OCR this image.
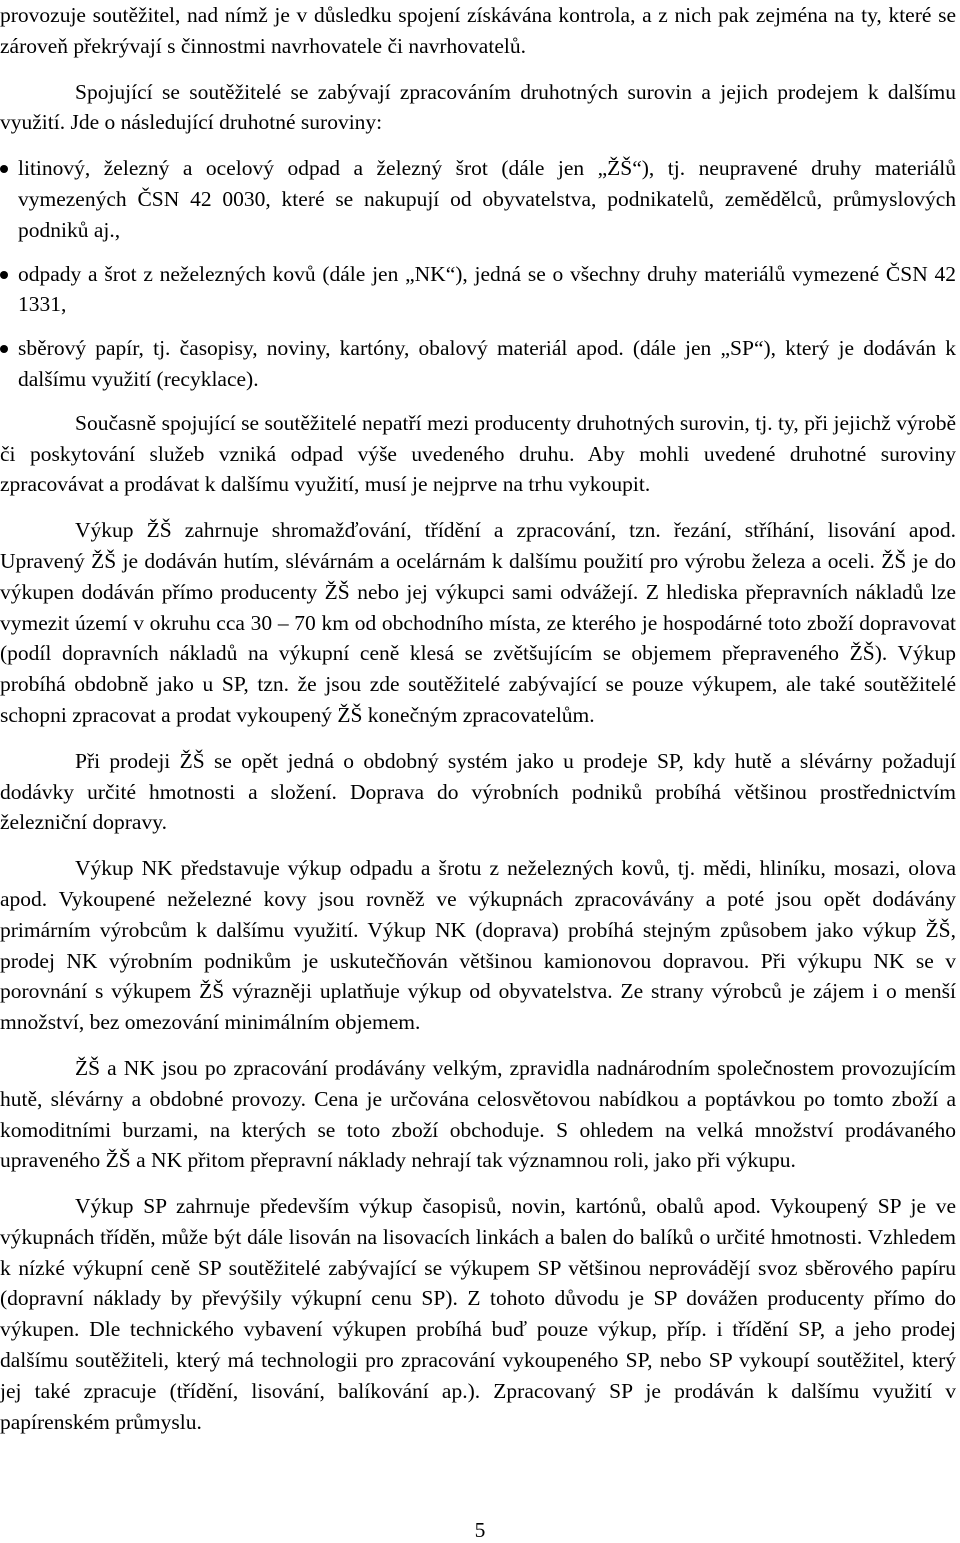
provozuje soutěžitel, nad nímž je v důsledku spojení získávána kontrola, a z nich pak zejména na ty, které se zároveň překrývají s činnostmi navrhovatele či navrhovatelů.

Spojující se soutěžitelé se zabývají zpracováním druhotných surovin a jejich prodejem k dalšímu využití. Jde o následující druhotné suroviny:

litinový, železný a ocelový odpad a železný šrot (dále jen „ŽŠ“), tj. neupravené druhy materiálů vymezených ČSN 42 0030, které se nakupují od obyvatelstva, podnikatelů, zemědělců, průmyslových podniků aj.,
odpady a šrot z neželezných kovů (dále jen „NK“), jedná se o všechny druhy materiálů vymezené ČSN 42 1331,
sběrový papír, tj. časopisy, noviny, kartóny, obalový materiál apod. (dále jen „SP“), který je dodáván k dalšímu využití (recyklace).

Současně spojující se soutěžitelé nepatří mezi producenty druhotných surovin, tj. ty, při jejichž výrobě či poskytování služeb vzniká odpad výše uvedeného druhu. Aby mohli uvedené druhotné suroviny zpracovávat a prodávat k dalšímu využití, musí je nejprve na trhu vykoupit.

Výkup ŽŠ zahrnuje shromažďování, třídění a zpracování, tzn. řezání, stříhání, lisování apod. Upravený ŽŠ je dodáván hutím, slévárnám a ocelárnám k dalšímu použití pro výrobu železa a oceli. ŽŠ je do výkupen dodáván přímo producenty ŽŠ nebo jej výkupci sami odvážejí. Z hlediska přepravních nákladů lze vymezit území v okruhu cca 30 – 70 km od obchodního místa, ze kterého je hospodárné toto zboží dopravovat (podíl dopravních nákladů na výkupní ceně klesá se zvětšujícím se objemem přepraveného ŽŠ). Výkup probíhá obdobně jako u SP, tzn. že jsou zde soutěžitelé zabývající se pouze výkupem, ale také soutěžitelé schopni zpracovat a prodat vykoupený ŽŠ konečným zpracovatelům.

Při prodeji ŽŠ se opět jedná o obdobný systém jako u prodeje SP, kdy hutě a slévárny požadují dodávky určité hmotnosti a složení. Doprava do výrobních podniků probíhá většinou prostřednictvím železniční dopravy.

Výkup NK představuje výkup odpadu a šrotu z neželezných kovů, tj. mědi, hliníku, mosazi, olova apod. Vykoupené neželezné kovy jsou rovněž ve výkupnách zpracovávány a poté jsou opět dodávány primárním výrobcům k dalšímu využití. Výkup NK (doprava) probíhá stejným způsobem jako výkup ŽŠ, prodej NK výrobním podnikům je uskutečňován většinou kamionovou dopravou. Při výkupu NK se v porovnání s výkupem ŽŠ výrazněji uplatňuje výkup od obyvatelstva. Ze strany výrobců je zájem i o menší množství, bez omezování minimálním objemem.

ŽŠ a NK jsou po zpracování prodávány velkým, zpravidla nadnárodním společnostem provozujícím hutě, slévárny a obdobné provozy. Cena je určována celosvětovou nabídkou a poptávkou po tomto zboží a komoditními burzami, na kterých se toto zboží obchoduje. S ohledem na velká množství prodávaného upraveného ŽŠ a NK přitom přepravní náklady nehrají tak významnou roli, jako při výkupu.

Výkup SP zahrnuje především výkup časopisů, novin, kartónů, obalů apod. Vykoupený SP je ve výkupnách tříděn, může být dále lisován na lisovacích linkách a balen do balíků o určité hmotnosti. Vzhledem k nízké výkupní ceně SP soutěžitelé zabývající se výkupem SP většinou neprovádějí svoz sběrového papíru (dopravní náklady by převýšily výkupní cenu SP). Z tohoto důvodu je SP dovážen producenty přímo do výkupen. Dle technického vybavení výkupen probíhá buď pouze výkup, příp. i třídění SP, a jeho prodej dalšímu soutěžiteli, který má technologii pro zpracování vykoupeného SP, nebo SP vykoupí soutěžitel, který jej také zpracuje (třídění, lisování, balíkování ap.). Zpracovaný SP je prodáván k dalšímu využití v papírenském průmyslu.

5
